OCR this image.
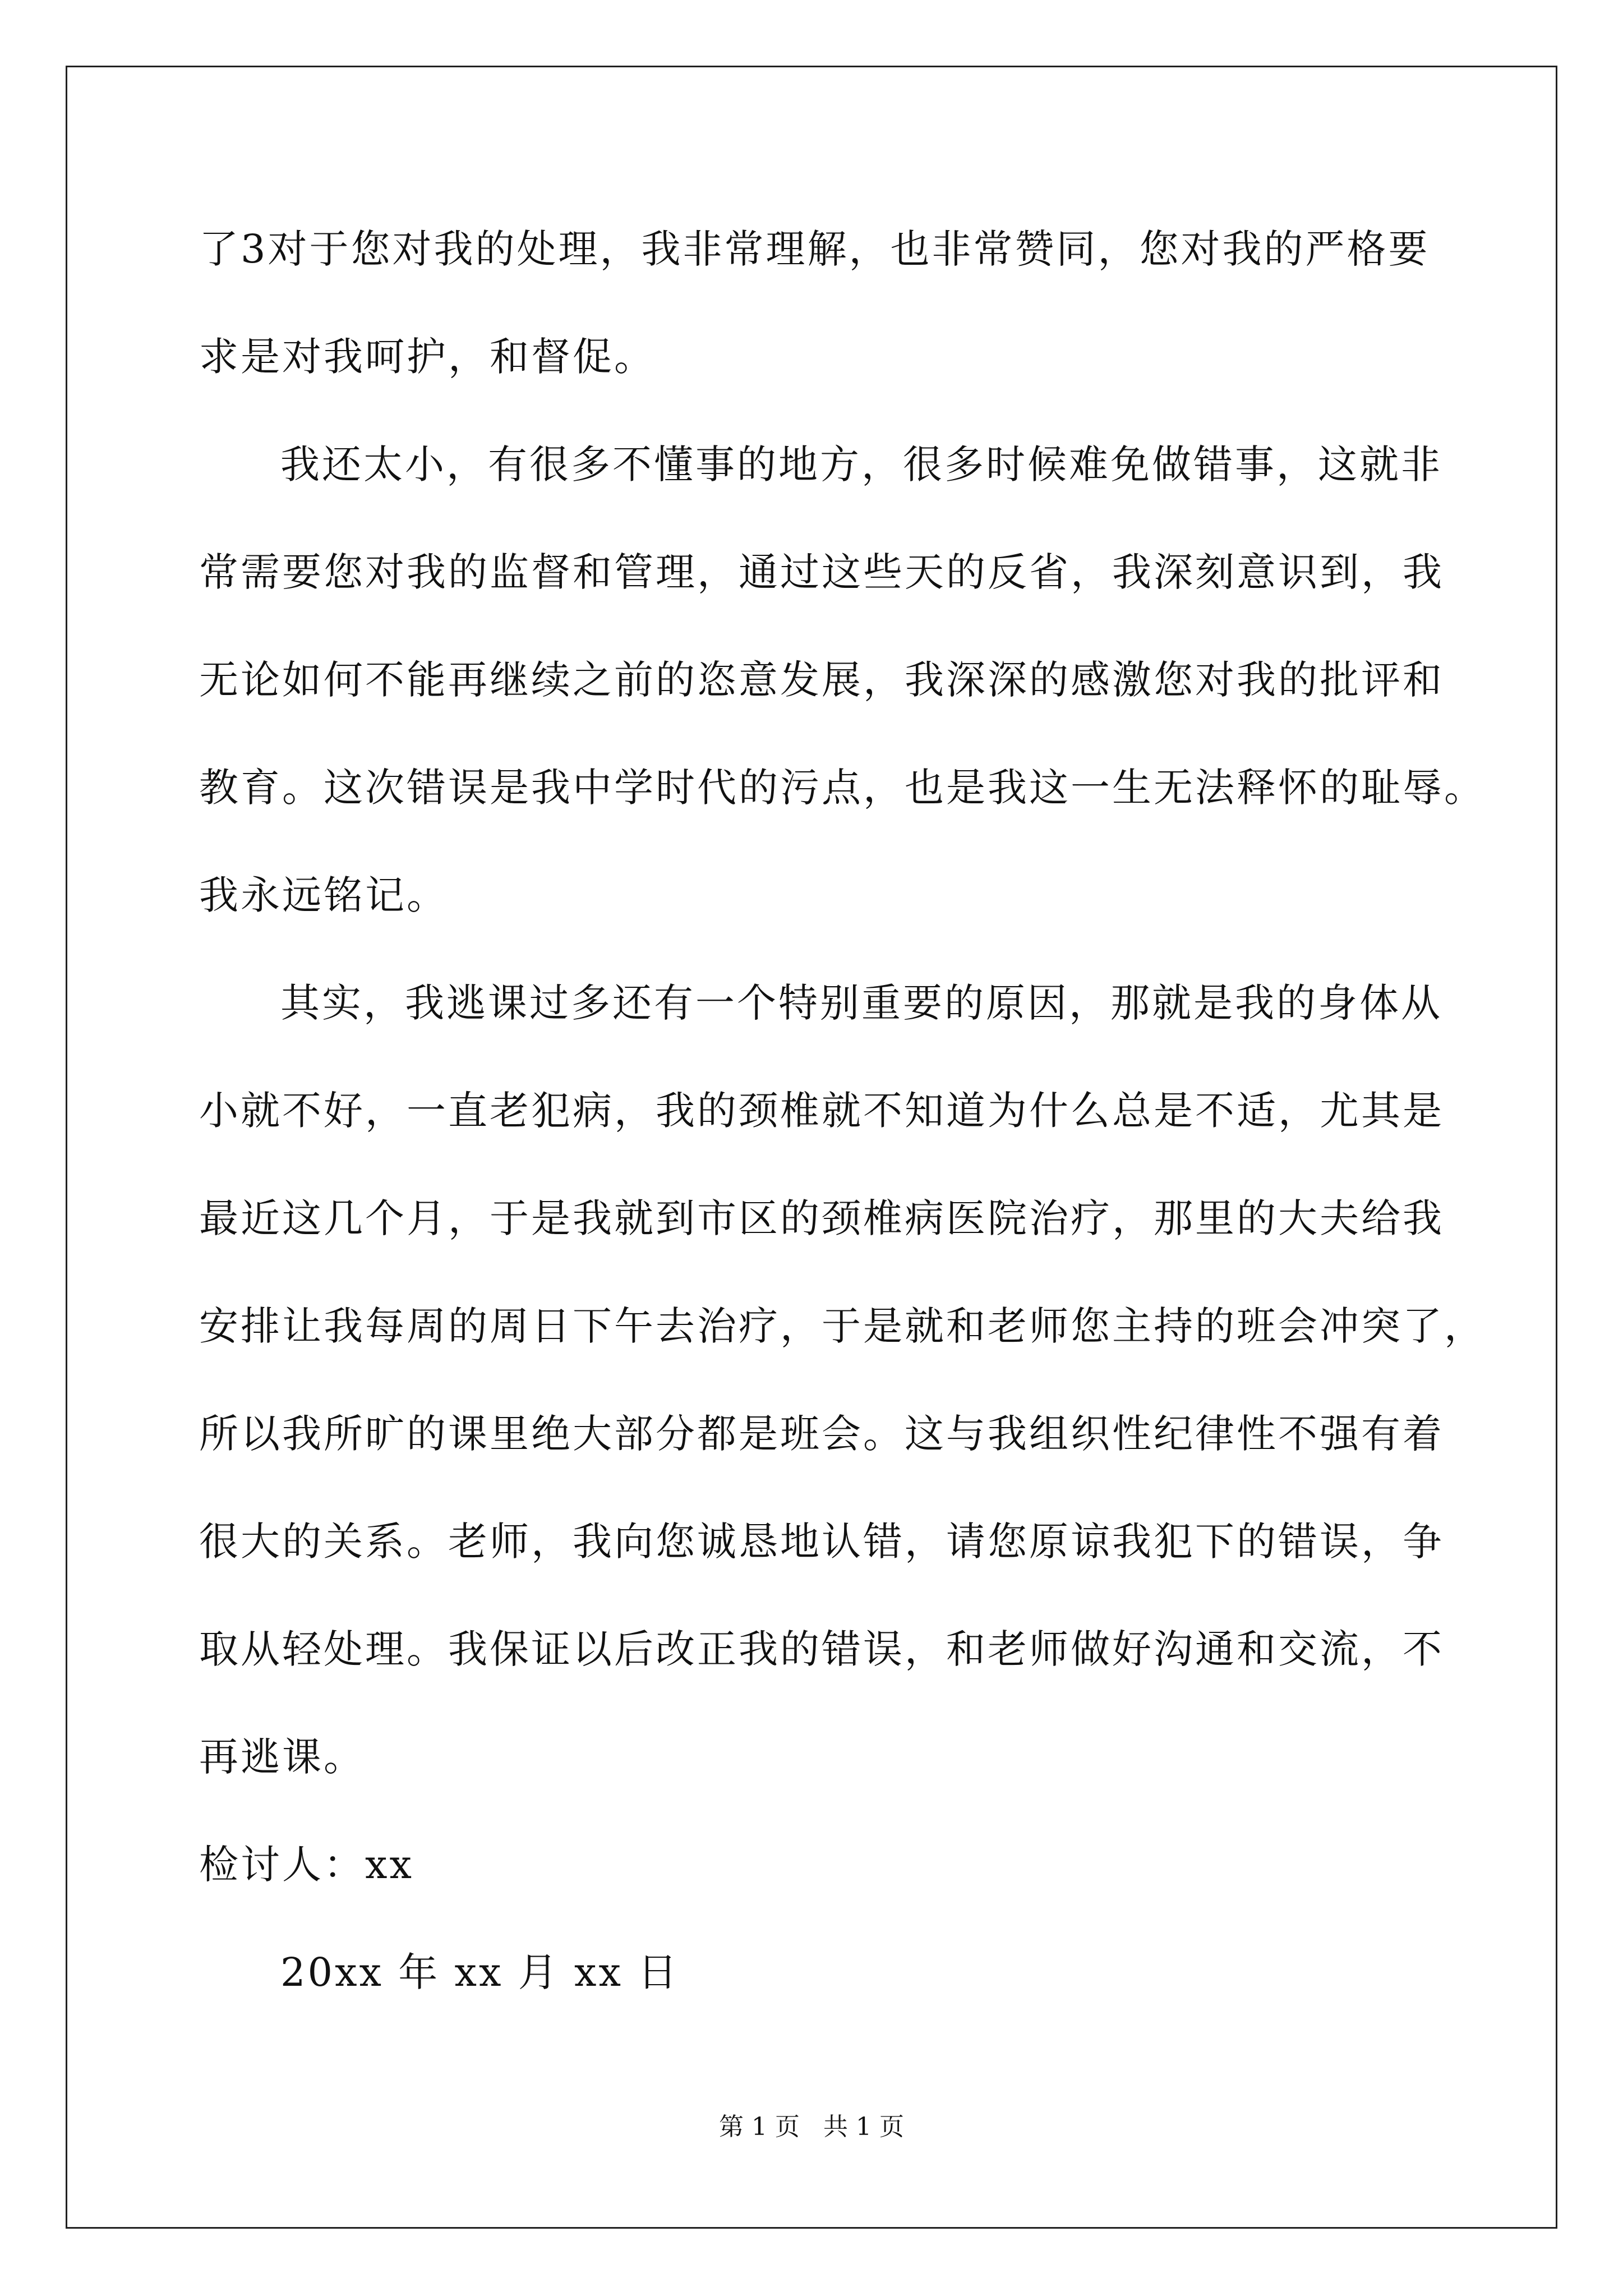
了3对于您对我的处理，我非常理解，也非常赞同，您对我的严格要
求是对我呵护，和督促。
我还太小，有很多不懂事的地方，很多时候难免做错事，这就非
常需要您对我的监督和管理，通过这些天的反省，我深刻意识到，我
无论如何不能再继续之前的恣意发展，我深深的感激您对我的批评和
教育。这次错误是我中学时代的污点，也是我这一生无法释怀的耻辱。
我永远铭记。
其实，我逃课过多还有一个特别重要的原因，那就是我的身体从
小就不好，一直老犯病，我的颈椎就不知道为什么总是不适，尤其是
最近这几个月，于是我就到市区的颈椎病医院治疗，那里的大夫给我
安排让我每周的周日下午去治疗，于是就和老师您主持的班会冲突了，
所以我所旷的课里绝大部分都是班会。这与我组织性纪律性不强有着
很大的关系。老师，我向您诚恳地认错，请您原谅我犯下的错误，争
取从轻处理。我保证以后改正我的错误，和老师做好沟通和交流，不
再逃课。
检讨人：xx
20xx 年 xx 月 xx 日
第 1 页   共 1 页
